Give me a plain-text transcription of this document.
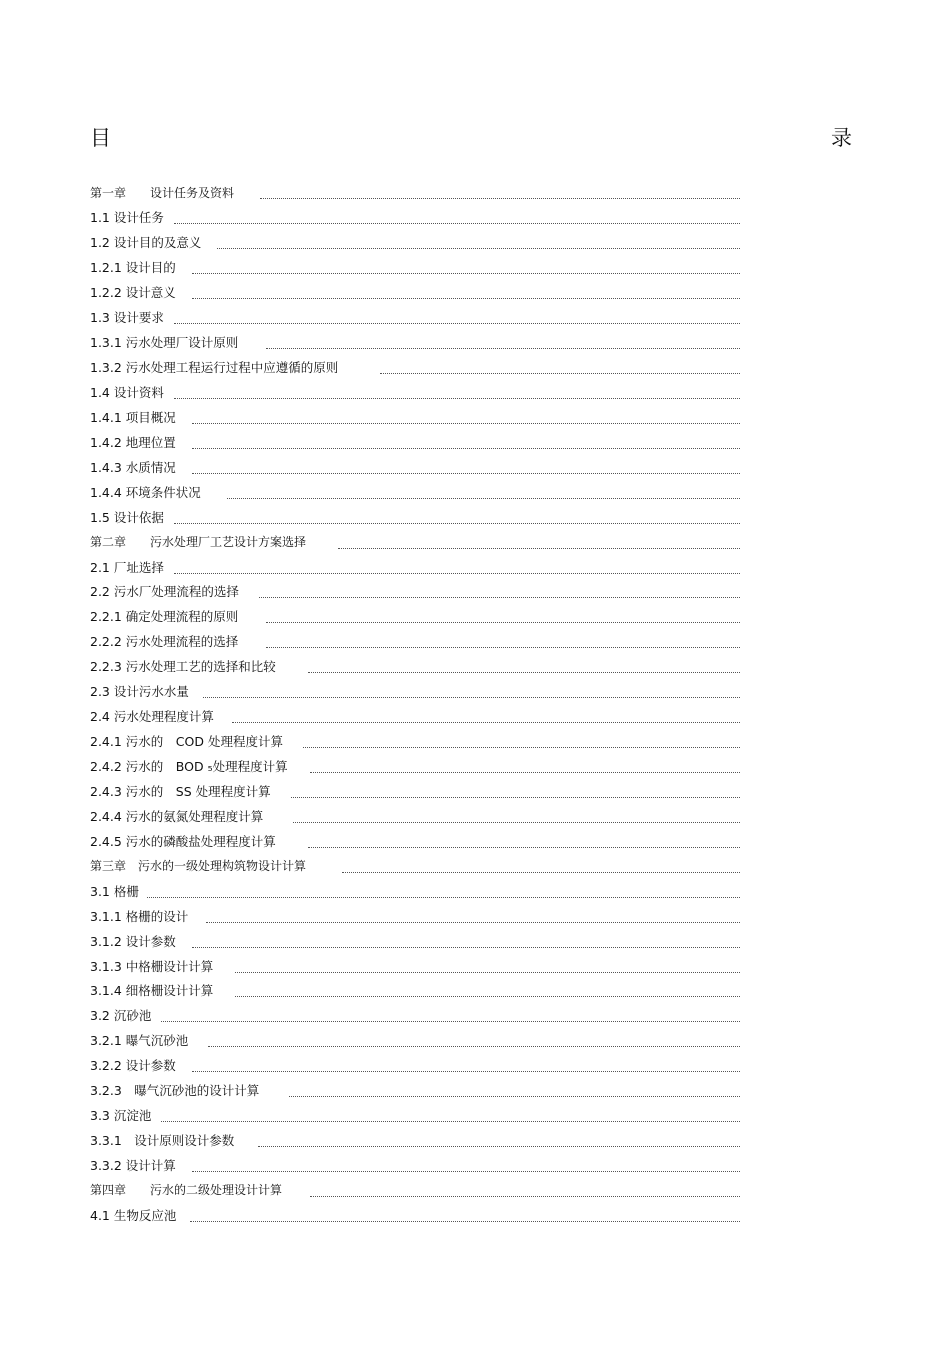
目	录
第一章　　设计任务及资料
1.1 设计任务
1.2 设计目的及意义
1.2.1 设计目的
1.2.2 设计意义
1.3 设计要求
1.3.1 污水处理厂设计原则
1.3.2 污水处理工程运行过程中应遵循的原则
1.4 设计资料
1.4.1 项目概况
1.4.2 地理位置
1.4.3 水质情况
1.4.4 环境条件状况
1.5 设计依据
第二章　　污水处理厂工艺设计方案选择
2.1 厂址选择
2.2 污水厂处理流程的选择
2.2.1 确定处理流程的原则
2.2.2 污水处理流程的选择
2.2.3 污水处理工艺的选择和比较
2.3 设计污水水量
2.4 污水处理程度计算
2.4.1 污水的　COD 处理程度计算
2.4.2 污水的　BOD ₅处理程度计算
2.4.3 污水的　SS 处理程度计算
2.4.4 污水的氨氮处理程度计算
2.4.5 污水的磷酸盐处理程度计算
第三章　污水的一级处理构筑物设计计算
3.1 格栅
3.1.1 格栅的设计
3.1.2 设计参数
3.1.3 中格栅设计计算
3.1.4 细格栅设计计算
3.2 沉砂池
3.2.1 曝气沉砂池
3.2.2 设计参数
3.2.3　曝气沉砂池的设计计算
3.3 沉淀池
3.3.1　设计原则设计参数
3.3.2 设计计算
第四章　　污水的二级处理设计计算
4.1 生物反应池
